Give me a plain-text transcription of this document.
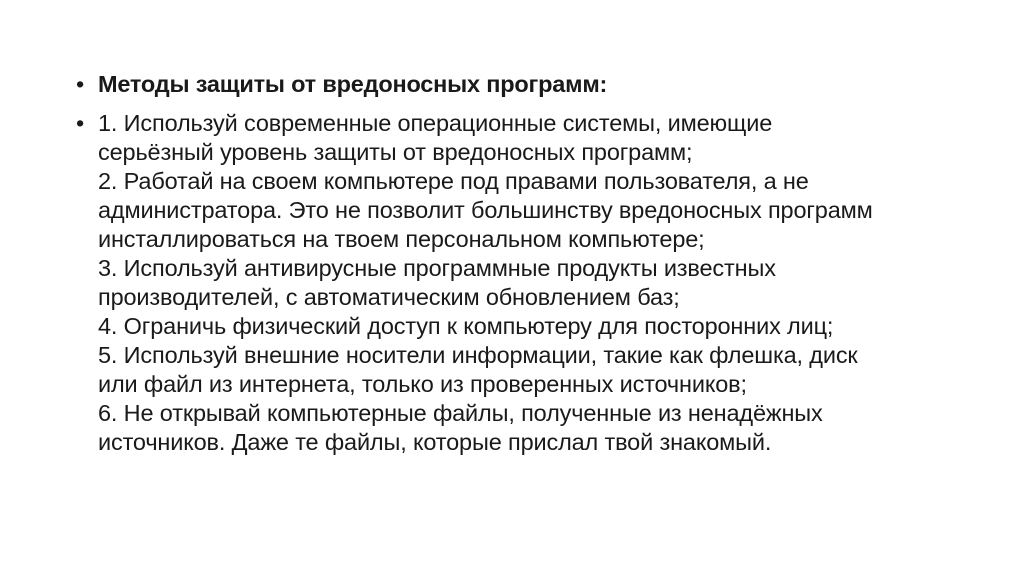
• Методы защиты от вредоносных программ:
• 1. Используй современные операционные системы, имеющие
серьёзный уровень защиты от вредоносных программ;
2. Работай на своем компьютере под правами пользователя, а не
администратора. Это не позволит большинству вредоносных программ
инсталлироваться на твоем персональном компьютере;
3. Используй антивирусные программные продукты известных
производителей, с автоматическим обновлением баз;
4. Ограничь физический доступ к компьютеру для посторонних лиц;
5. Используй внешние носители информации, такие как флешка, диск
или файл из интернета, только из проверенных источников;
6. Не открывай компьютерные файлы, полученные из ненадёжных
источников. Даже те файлы, которые прислал твой знакомый.
